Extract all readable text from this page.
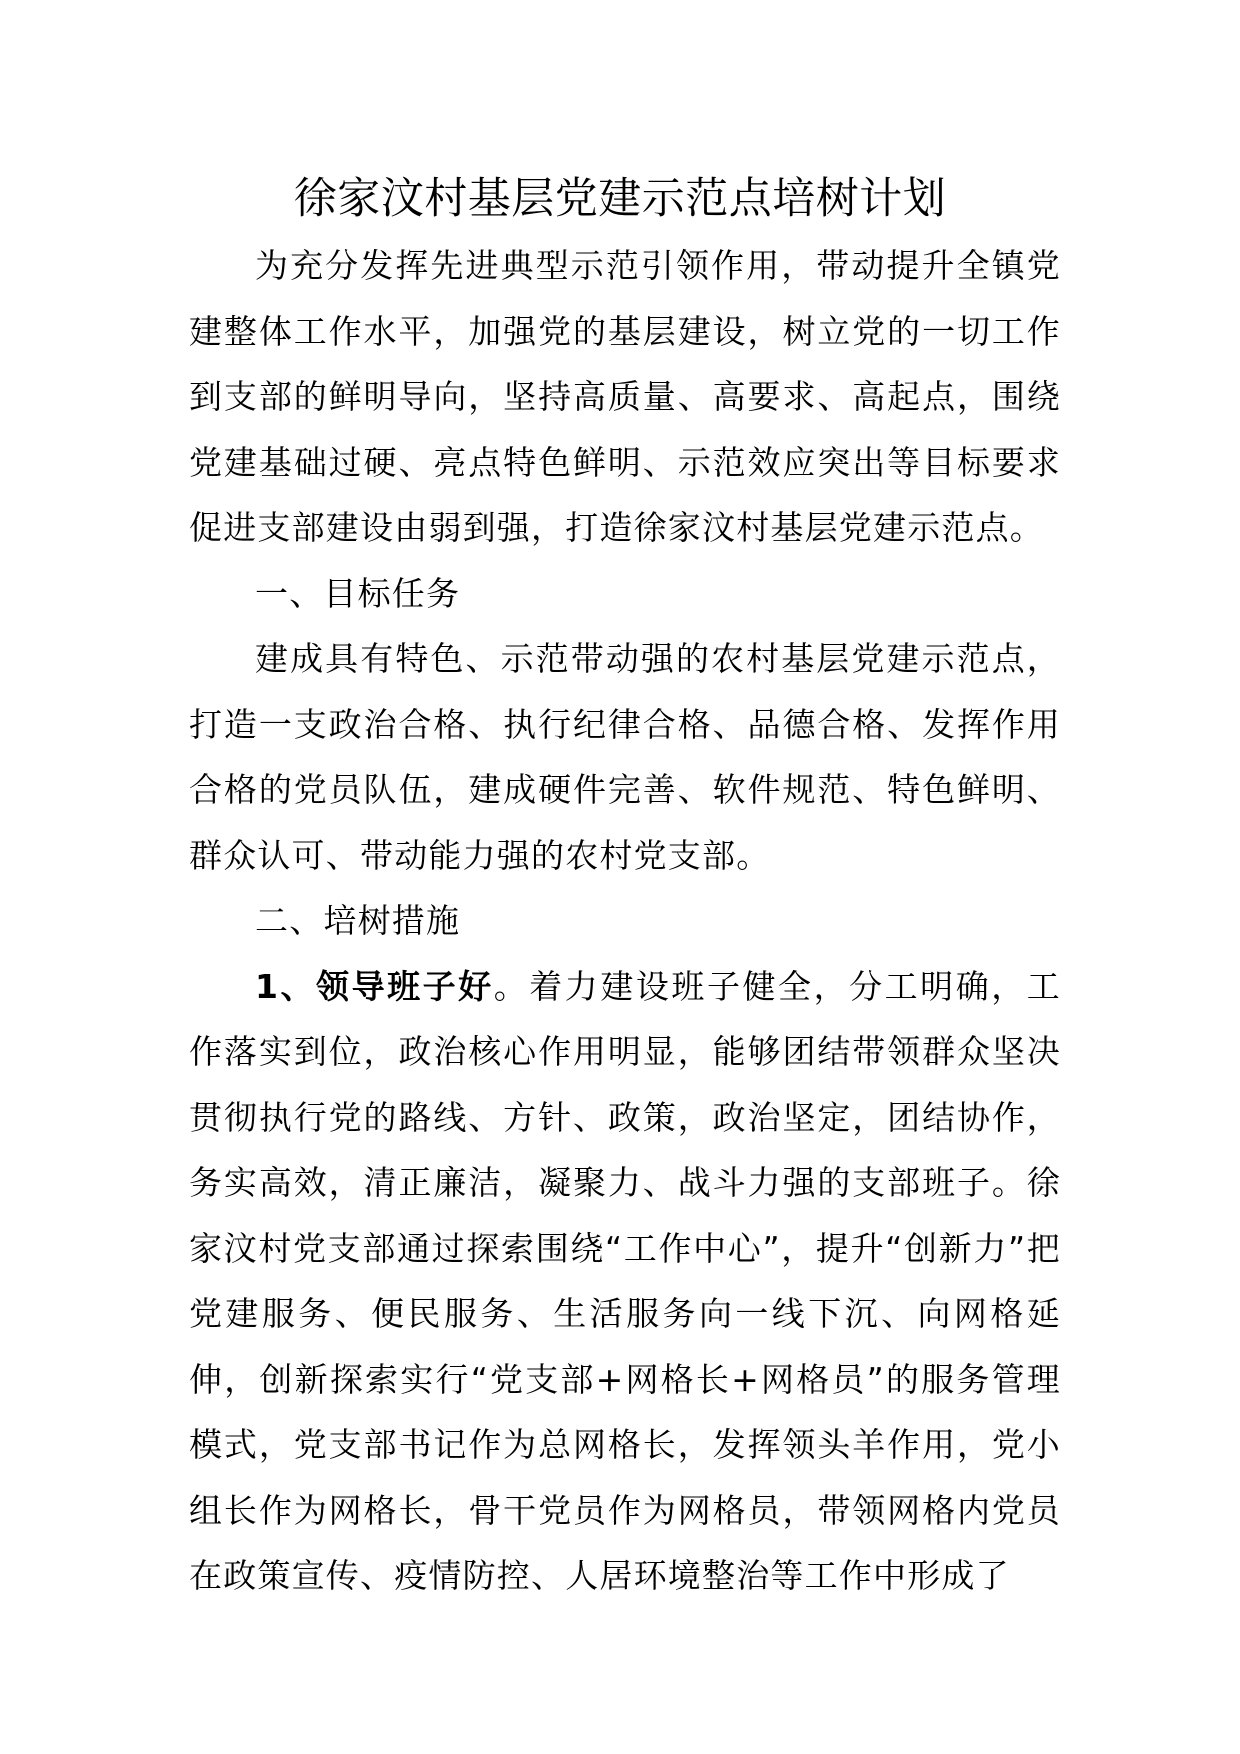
徐家汶村基层党建示范点培树计划

为充分发挥先进典型示范引领作用，带动提升全镇党建整体工作水平，加强党的基层建设，树立党的一切工作到支部的鲜明导向，坚持高质量、高要求、高起点，围绕党建基础过硬、亮点特色鲜明、示范效应突出等目标要求促进支部建设由弱到强，打造徐家汶村基层党建示范点。

一、目标任务

建成具有特色、示范带动强的农村基层党建示范点，打造一支政治合格、执行纪律合格、品德合格、发挥作用合格的党员队伍，建成硬件完善、软件规范、特色鲜明、群众认可、带动能力强的农村党支部。

二、培树措施

1、领导班子好。着力建设班子健全，分工明确，工作落实到位，政治核心作用明显，能够团结带领群众坚决贯彻执行党的路线、方针、政策，政治坚定，团结协作，务实高效，清正廉洁，凝聚力、战斗力强的支部班子。徐家汶村党支部通过探索围绕“工作中心”，提升“创新力”把党建服务、便民服务、生活服务向一线下沉、向网格延伸，创新探索实行“党支部+网格长+网格员”的服务管理模式，党支部书记作为总网格长，发挥领头羊作用，党小组长作为网格长，骨干党员作为网格员，带领网格内党员在政策宣传、疫情防控、人居环境整治等工作中形成了
